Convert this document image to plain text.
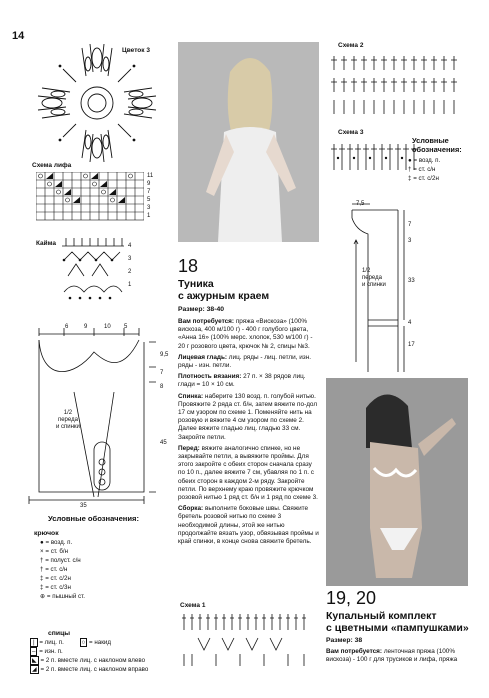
14
Цветок 3
Схема лифа
11
9
7
5
3
1
Кайма	4
3
2
1
6	9	10 5
9,5
7
8
45
35
1/2
переда
и спинки
Условные обозначения:
крючок
● = возд. п.
× = ст. б/н
† = полуст. с/н
† = ст. с/н
‡ = ст. с/2н
‡ = ст. с/3н
⊕ = пышный ст.
спицы
| = лиц. п.	○ = накид
– = изн. п.
◣ = 2 п. вместе лиц. с наклоном влево
◢ = 2 п. вместе лиц. с наклоном вправо
18
Туника
с ажурным краем
Размер: 38-40

Вам потребуется: пряжа «Вискоза» (100% вискоза, 400 м/100 г) - 400 г голубого цвета, «Анна 16» (100% мерс. хлопок, 530 м/100 г) - 20 г розового цвета, крючок № 2, спицы №3.

Лицевая гладь: лиц. ряды - лиц. петли, изн. ряды - изн. петли.

Плотность вязания: 27 п. × 38 рядов лиц. глади = 10 × 10 см.

Спинка: наберите 130 возд. п. голубой нитью. Провяжите 2 ряда ст. б/н, затем вяжите по-дол 17 см узором по схеме 1. Поменяйте нить на розовую и вяжите 4 см узором по схеме 2. Далее вяжите гладью лиц. гладью 33 см. Закройте петли.

Перед: вяжите аналогично спинке, но не закрывайте петли, а вывяжите проймы. Для этого закройте с обеих сторон сначала сразу по 10 п., далее вяжите 7 см, убавляя по 1 п. с обеих сторон в каждом 2-м ряду. Закройте петли. По верхнему краю провяжите крючком розовой нитью 1 ряд ст. б/н и 1 ряд по схеме 3.

Сборка: выполните боковые швы. Свяжите бретель розовой нитью по схеме 3 необходимой длины, этой же нитью продолжайте вязать узор, обвязывая проймы и край спинки, в конце снова свяжите бретель.

Схема 1
Схема 2
Схема 3
Условные
обозначения:
● = возд. п.
† = ст. с/н
‡ = ст. с/2н
7,5
7
3
33
4
17
1/2
переда
и спинки
19, 20
Купальный комплект
с цветными «пампушками»
Размер: 38
Вам потребуется: ленточная пряжа (100% вискоза) - 100 г для трусиков и лифа, пряжа
